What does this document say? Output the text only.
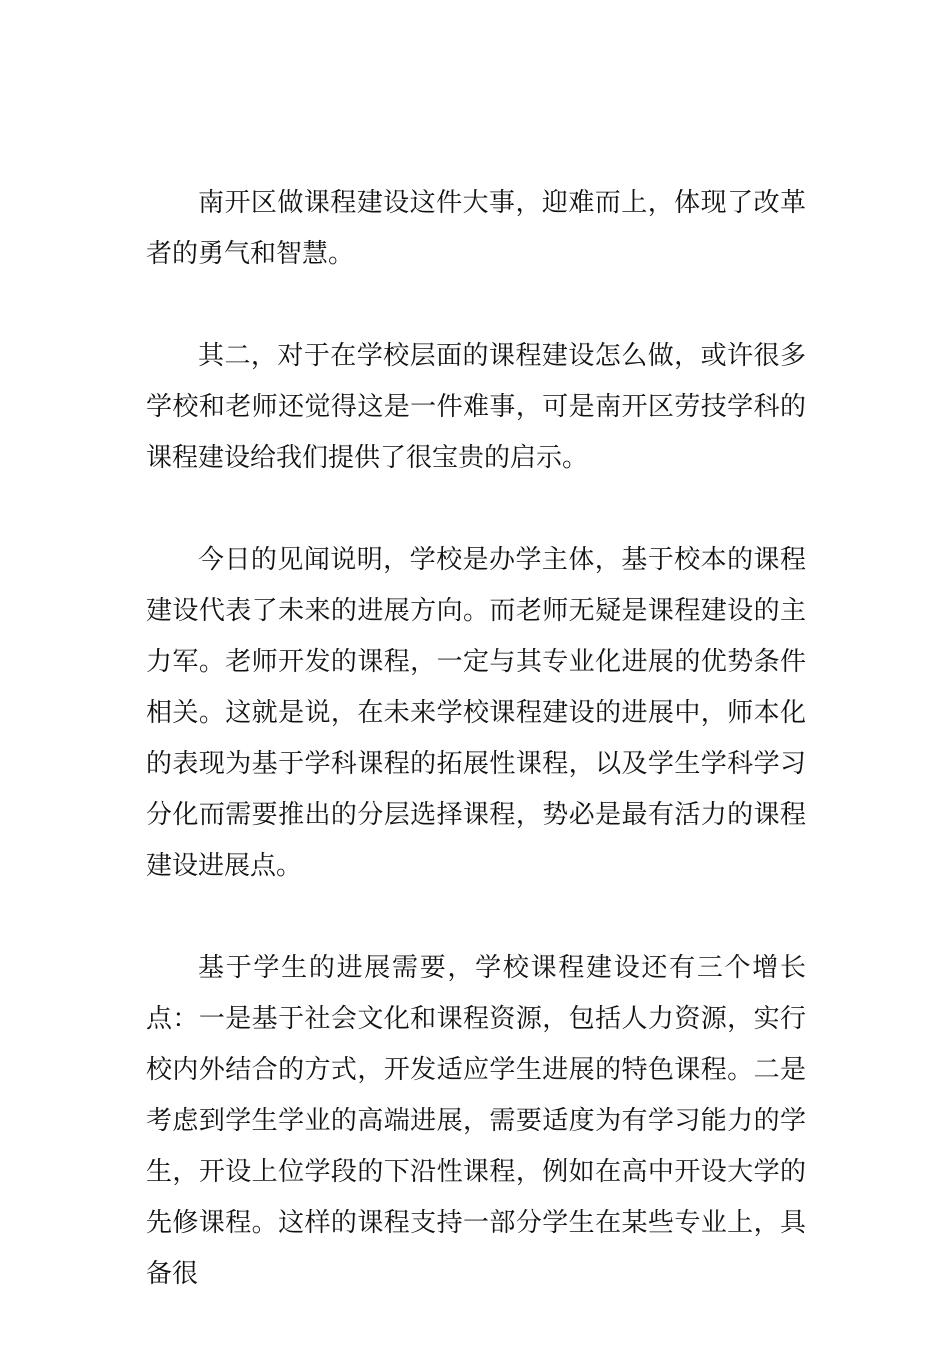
南开区做课程建设这件大事，迎难而上，体现了改革者的勇气和智慧。

其二，对于在学校层面的课程建设怎么做，或许很多学校和老师还觉得这是一件难事，可是南开区劳技学科的课程建设给我们提供了很宝贵的启示。

今日的见闻说明，学校是办学主体，基于校本的课程建设代表了未来的进展方向。而老师无疑是课程建设的主力军。老师开发的课程，一定与其专业化进展的优势条件相关。这就是说，在未来学校课程建设的进展中，师本化的表现为基于学科课程的拓展性课程，以及学生学科学习分化而需要推出的分层选择课程，势必是最有活力的课程建设进展点。

基于学生的进展需要，学校课程建设还有三个增长点：一是基于社会文化和课程资源，包括人力资源，实行校内外结合的方式，开发适应学生进展的特色课程。二是考虑到学生学业的高端进展，需要适度为有学习能力的学生，开设上位学段的下沿性课程，例如在高中开设大学的先修课程。这样的课程支持一部分学生在某些专业上，具备很
